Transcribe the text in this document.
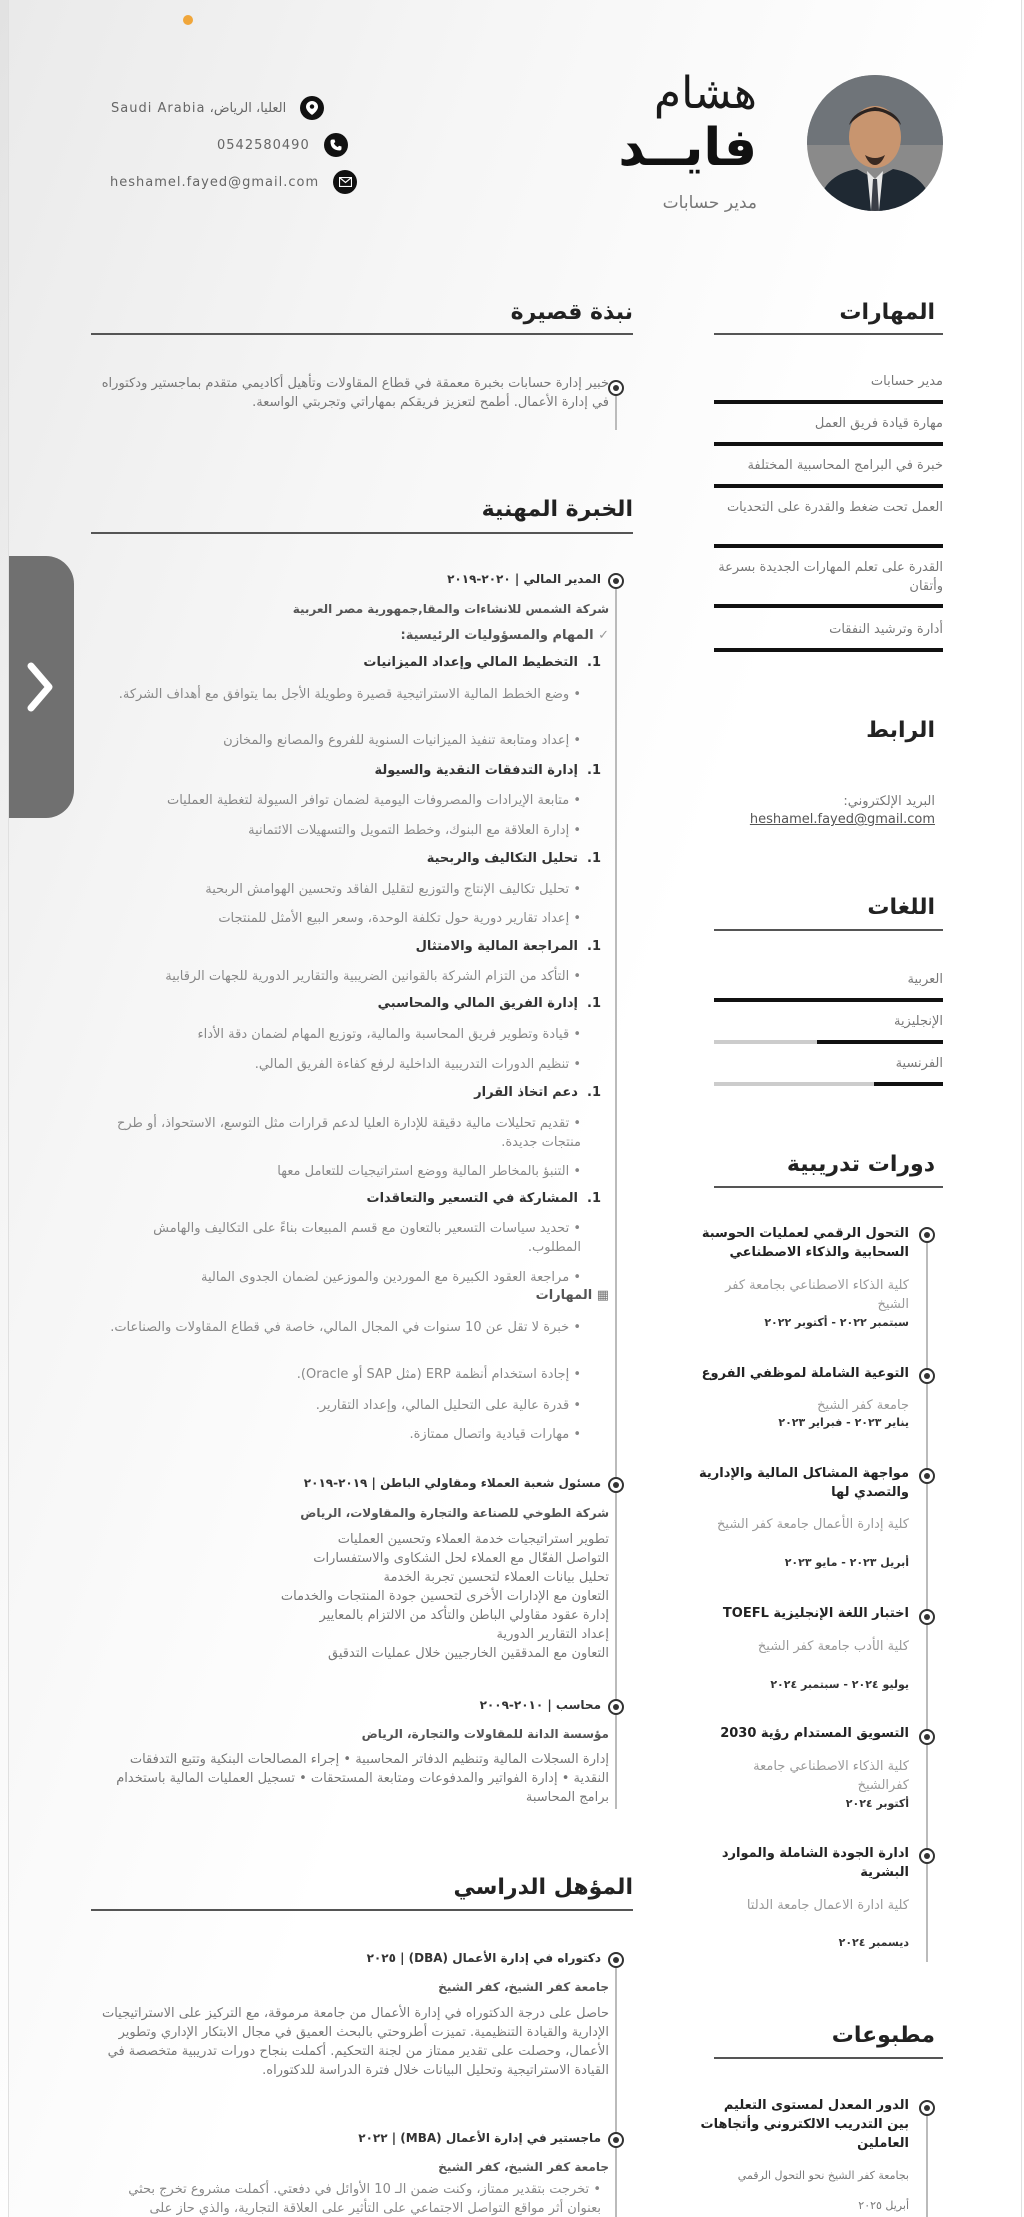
هشام
فايــد
مدير حسابات
العليا، الرياض، Saudi Arabia
0542580490
heshamel.fayed@gmail.com
المهارات
مدير حسابات
مهارة قيادة فريق العمل
خبرة في البرامج المحاسبية المختلفة
العمل تحت ضغط والقدرة على التحديات
القدرة على تعلم المهارات الجديدة بسرعة وأتقان
أدارة وترشيد النفقات
الرابط
البريد الإلكتروني:
heshamel.fayed@gmail.com
اللغات
العربية
الإنجليزية
الفرنسية
دورات تدريبية
التحول الرقمي لعمليات الحوسبة السحابية والذكاء الاصطناعي
كلية الذكاء الاصطناعي بجامعة كفر الشيخ
سبتمبر ٢٠٢٢ - أكتوبر ٢٠٢٢
التوعية الشاملة لموظفي الفروع
جامعة كفر الشيخ
يناير ٢٠٢٣ - فبراير ٢٠٢٣
مواجهة المشاكل المالية والإدارية والتصدي لها
كلية إدارة الأعمال جامعة كفر الشيخ
أبريل ٢٠٢٣ - مايو ٢٠٢٣
اختبار اللغة الإنجليزية TOEFL
كلية الأدب جامعة كفر الشيخ
يوليو ٢٠٢٤ - سبتمبر ٢٠٢٤
التسويق المستدام رؤية 2030
كلية الذكاء الاصطناعي جامعة كفرالشيخ
أكتوبر ٢٠٢٤
ادارة الجودة الشاملة والموارد البشرية
كلية ادارة الاعمال جامعة الدلتا
ديسمبر ٢٠٢٤
مطبوعات
الدور المعدل لمستوى التعليم بين التدريب الالكتروني وأتجاهات العاملين
بجامعة كفر الشيخ نحو التحول الرقمي
أبريل ٢٠٢٥
نبذة قصيرة
خبير إدارة حسابات بخبرة معمقة في قطاع المقاولات وتأهيل أكاديمي متقدم بماجستير ودكتوراه في إدارة الأعمال. أطمح لتعزيز فريقكم بمهاراتي وتجربتي الواسعة.
الخبرة المهنية
المدير المالي | ٢٠٢٠-٢٠١٩
شركة الشمس للانشاءات والمقا,جمهورية مصر العربية
✓ المهام والمسؤوليات الرئيسية:
1.  التخطيط المالي وإعداد الميزانيات
• وضع الخطط المالية الاستراتيجية قصيرة وطويلة الأجل بما يتوافق مع أهداف الشركة.
• إعداد ومتابعة تنفيذ الميزانيات السنوية للفروع والمصانع والمخازن
1.  إدارة التدفقات النقدية والسيولة
• متابعة الإيرادات والمصروفات اليومية لضمان توافر السيولة لتغطية العمليات
• إدارة العلاقة مع البنوك، وخطط التمويل والتسهيلات الائتمانية
1.  تحليل التكاليف والربحية
• تحليل تكاليف الإنتاج والتوزيع لتقليل الفاقد وتحسين الهوامش الربحية
• إعداد تقارير دورية حول تكلفة الوحدة، وسعر البيع الأمثل للمنتجات
1.  المراجعة المالية والامتثال
• التأكد من التزام الشركة بالقوانين الضريبية والتقارير الدورية للجهات الرقابية
1.  إدارة الفريق المالي والمحاسبي
• قيادة وتطوير فريق المحاسبة والمالية، وتوزيع المهام لضمان دقة الأداء
• تنظيم الدورات التدريبية الداخلية لرفع كفاءة الفريق المالي.
1.  دعم اتخاذ القرار
• تقديم تحليلات مالية دقيقة للإدارة العليا لدعم قرارات مثل التوسع، الاستحواذ، أو طرح منتجات جديدة.
• التنبؤ بالمخاطر المالية ووضع استراتيجيات للتعامل معها
1.  المشاركة في التسعير والتعاقدات
• تحديد سياسات التسعير بالتعاون مع قسم المبيعات بناءً على التكاليف والهامش المطلوب.
• مراجعة العقود الكبيرة مع الموردين والموزعين لضمان الجدوى المالية
▦ المهارات
• خبرة لا تقل عن 10 سنوات في المجال المالي، خاصة في قطاع المقاولات والصناعات.
• إجادة استخدام أنظمة ERP (مثل SAP أو Oracle).
• قدرة عالية على التحليل المالي، وإعداد التقارير.
• مهارات قيادية واتصال ممتازة.
مسئول شعبة العملاء ومقاولي الباطن | ٢٠١٩-٢٠١٩
شركة الطوخي للصناعة والتجارة والمقاولات، الرياض
تطوير استراتيجيات خدمة العملاء وتحسين العمليات
التواصل الفعّال مع العملاء لحل الشكاوى والاستفسارات
تحليل بيانات العملاء لتحسين تجربة الخدمة
التعاون مع الإدارات الأخرى لتحسين جودة المنتجات والخدمات
إدارة عقود مقاولي الباطن والتأكد من الالتزام بالمعايير
إعداد التقارير الدورية
التعاون مع المدققين الخارجيين خلال عمليات التدقيق
محاسب | ٢٠١٠-٢٠٠٩
مؤسسة الدانة للمقاولات والتجارة، الرياض
إدارة السجلات المالية وتنظيم الدفاتر المحاسبية • إجراء المصالحات البنكية وتتبع التدفقات النقدية • إدارة الفواتير والمدفوعات ومتابعة المستحقات • تسجيل العمليات المالية باستخدام برامج المحاسبة
المؤهل الدراسي
دكتوراه في إدارة الأعمال (DBA) | ٢٠٢٥
جامعة كفر الشيخ، كفر الشيخ
حاصل على درجة الدكتوراه في إدارة الأعمال من جامعة مرموقة، مع التركيز على الاستراتيجيات الإدارية والقيادة التنظيمية. تميزت أطروحتي بالبحث العميق في مجال الابتكار الإداري وتطوير الأعمال، وحصلت على تقدير ممتاز من لجنة التحكيم. أكملت بنجاح دورات تدريبية متخصصة في القيادة الاستراتيجية وتحليل البيانات خلال فترة الدراسة للدكتوراه.
ماجستير في إدارة الأعمال (MBA) | ٢٠٢٢
جامعة كفر الشيخ، كفر الشيخ
• تخرجت بتقدير ممتاز، وكنت ضمن الـ 10 الأوائل في دفعتي. أكملت مشروع تخرج بحثي بعنوان أثر مواقع التواصل الاجتماعي على التأثير على العلاقة التجارية، والذي حاز على
